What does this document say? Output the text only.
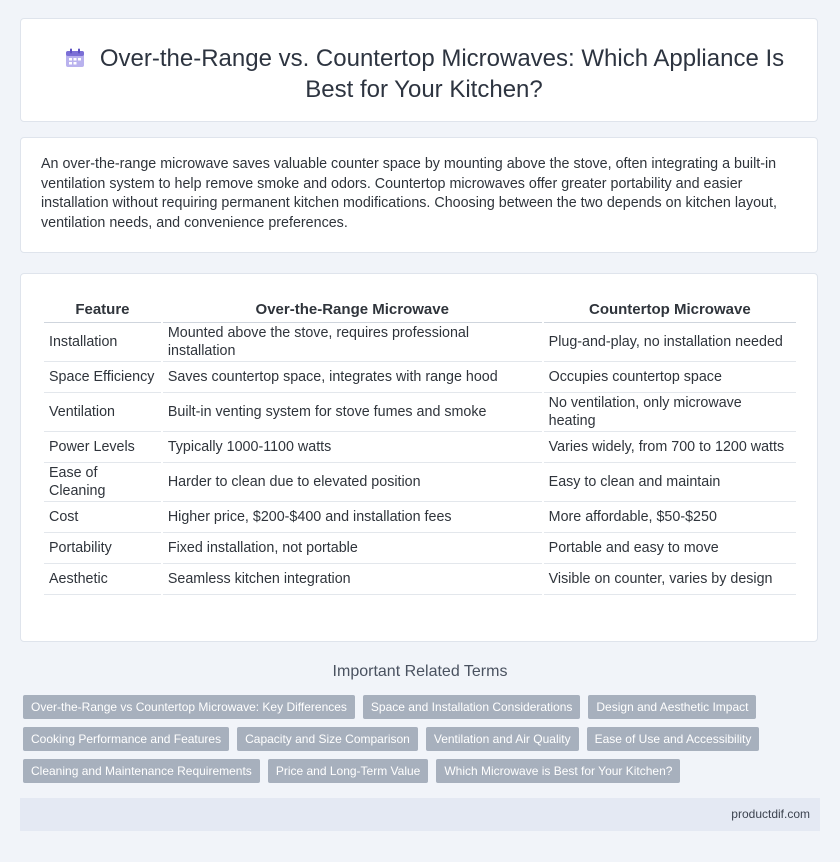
Over-the-Range vs. Countertop Microwaves: Which Appliance Is Best for Your Kitchen?
An over-the-range microwave saves valuable counter space by mounting above the stove, often integrating a built-in ventilation system to help remove smoke and odors. Countertop microwaves offer greater portability and easier installation without requiring permanent kitchen modifications. Choosing between the two depends on kitchen layout, ventilation needs, and convenience preferences.
Feature	Over-the-Range Microwave	Countertop Microwave
Installation	Mounted above the stove, requires professional installation	Plug-and-play, no installation needed
Space Efficiency	Saves countertop space, integrates with range hood	Occupies countertop space
Ventilation	Built-in venting system for stove fumes and smoke	No ventilation, only microwave heating
Power Levels	Typically 1000-1100 watts	Varies widely, from 700 to 1200 watts
Ease of Cleaning	Harder to clean due to elevated position	Easy to clean and maintain
Cost	Higher price, $200-$400 and installation fees	More affordable, $50-$250
Portability	Fixed installation, not portable	Portable and easy to move
Aesthetic	Seamless kitchen integration	Visible on counter, varies by design
Important Related Terms
Over-the-Range vs Countertop Microwave: Key Differences	Space and Installation Considerations	Design and Aesthetic Impact
Cooking Performance and Features	Capacity and Size Comparison	Ventilation and Air Quality	Ease of Use and Accessibility
Cleaning and Maintenance Requirements	Price and Long-Term Value	Which Microwave is Best for Your Kitchen?
productdif.com
